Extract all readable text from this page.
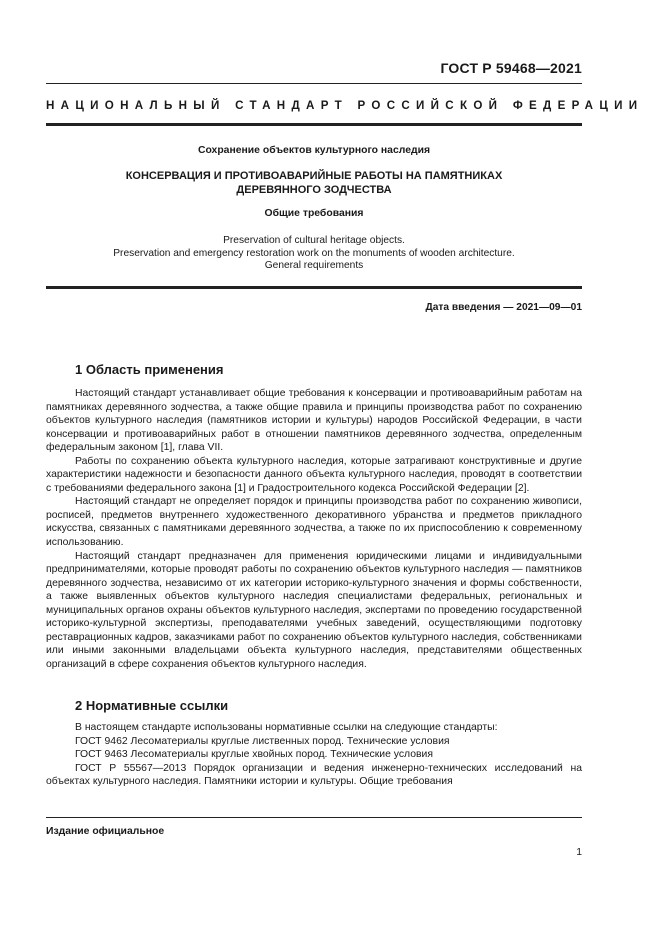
ГОСТ Р 59468—2021
НАЦИОНАЛЬНЫЙ СТАНДАРТ РОССИЙСКОЙ ФЕДЕРАЦИИ
Сохранение объектов культурного наследия
КОНСЕРВАЦИЯ И ПРОТИВОАВАРИЙНЫЕ РАБОТЫ НА ПАМЯТНИКАХ
ДЕРЕВЯННОГО ЗОДЧЕСТВА
Общие требования
Preservation of cultural heritage objects.
Preservation and emergency restoration work on the monuments of wooden architecture.
General requirements
Дата введения — 2021—09—01
1 Область применения

Настоящий стандарт устанавливает общие требования к консервации и противоаварийным работам на памятниках деревянного зодчества, а также общие правила и принципы производства работ по сохранению объектов культурного наследия (памятников истории и культуры) народов Российской Федерации, в части консервации и противоаварийных работ в отношении памятников деревянного зодчества, определенным федеральным законом [1], глава VII.

Работы по сохранению объекта культурного наследия, которые затрагивают конструктивные и другие характеристики надежности и безопасности данного объекта культурного наследия, проводят в соответствии с требованиями федерального закона [1] и Градостроительного кодекса Российской Федерации [2].

Настоящий стандарт не определяет порядок и принципы производства работ по сохранению живописи, росписей, предметов внутреннего художественного декоративного убранства и предметов прикладного искусства, связанных с памятниками деревянного зодчества, а также по их приспособлению к современному использованию.

Настоящий стандарт предназначен для применения юридическими лицами и индивидуальными предпринимателями, которые проводят работы по сохранению объектов культурного наследия — памятников деревянного зодчества, независимо от их категории историко-культурного значения и формы собственности, а также выявленных объектов культурного наследия специалистами федеральных, региональных и муниципальных органов охраны объектов культурного наследия, экспертами по проведению государственной историко-культурной экспертизы, преподавателями учебных заведений, осуществляющими подготовку реставрационных кадров, заказчиками работ по сохранению объектов культурного наследия, собственниками или иными законными владельцами объекта культурного наследия, представителями общественных организаций в сфере сохранения объектов культурного наследия.

2 Нормативные ссылки

В настоящем стандарте использованы нормативные ссылки на следующие стандарты:

ГОСТ 9462 Лесоматериалы круглые лиственных пород. Технические условия

ГОСТ 9463 Лесоматериалы круглые хвойных пород. Технические условия

ГОСТ Р 55567—2013 Порядок организации и ведения инженерно-технических исследований на объектах культурного наследия. Памятники истории и культуры. Общие требования

Издание официальное
1
